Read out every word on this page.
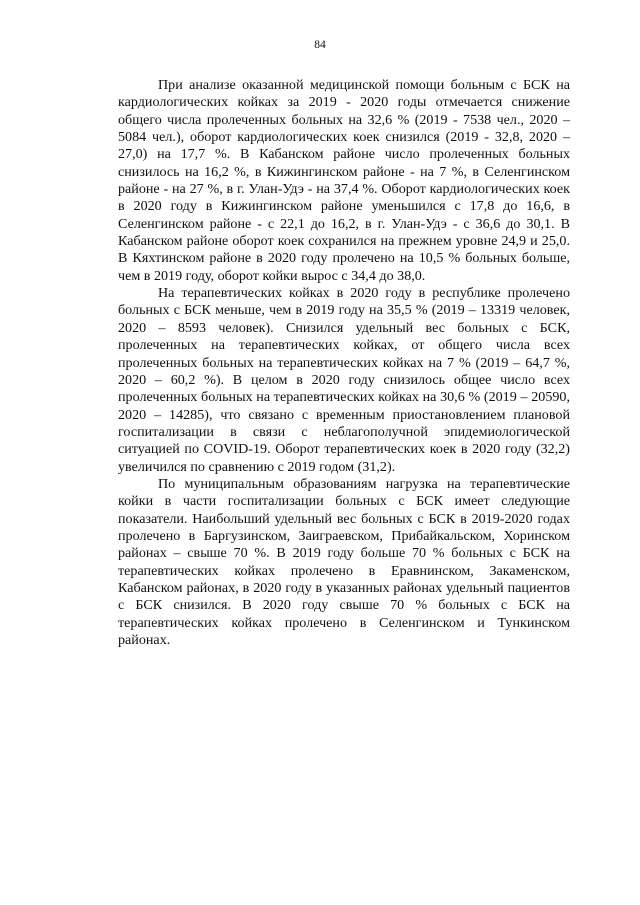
84

При анализе оказанной медицинской помощи больным с БСК на кардиологических койках за 2019 - 2020 годы отмечается снижение общего числа пролеченных больных на 32,6 % (2019 - 7538 чел., 2020 – 5084 чел.), оборот кардиологических коек снизился (2019 - 32,8, 2020 – 27,0) на 17,7 %. В Кабанском районе число пролеченных больных снизилось на 16,2 %, в Кижингинском районе - на 7 %, в Селенгинском районе - на 27 %, в г. Улан-Удэ - на 37,4 %. Оборот кардиологических коек в 2020 году в Кижингинском районе уменьшился с 17,8 до 16,6, в Селенгинском районе - с 22,1 до 16,2, в г. Улан-Удэ - с 36,6 до 30,1. В Кабанском районе оборот коек сохранился на прежнем уровне 24,9 и 25,0. В Кяхтинском районе в 2020 году пролечено на 10,5 % больных больше, чем в 2019 году, оборот койки вырос с 34,4 до 38,0.

На терапевтических койках в 2020 году в республике пролечено больных с БСК меньше, чем в 2019 году на 35,5 % (2019 – 13319 человек, 2020 – 8593 человек). Снизился удельный вес больных с БСК, пролеченных на терапевтических койках, от общего числа всех пролеченных больных на терапевтических койках на 7 % (2019 – 64,7 %, 2020 – 60,2 %). В целом в 2020 году снизилось общее число всех пролеченных больных на терапевтических койках на 30,6 % (2019 – 20590, 2020 – 14285), что связано с временным приостановлением плановой госпитализации в связи с неблагополучной эпидемиологической ситуацией по COVID-19. Оборот терапевтических коек в 2020 году (32,2) увеличился по сравнению с 2019 годом (31,2).

По муниципальным образованиям нагрузка на терапевтические койки в части госпитализации больных с БСК имеет следующие показатели. Наибольший удельный вес больных с БСК в 2019-2020 годах пролечено в Баргузинском, Заиграевском, Прибайкальском, Хоринском районах – свыше 70 %. В 2019 году больше 70 % больных с БСК на терапевтических койках пролечено в Еравнинском, Закаменском, Кабанском районах, в 2020 году в указанных районах удельный пациентов с БСК снизился. В 2020 году свыше 70 % больных с БСК на терапевтических койках пролечено в Селенгинском и Тункинском районах.
